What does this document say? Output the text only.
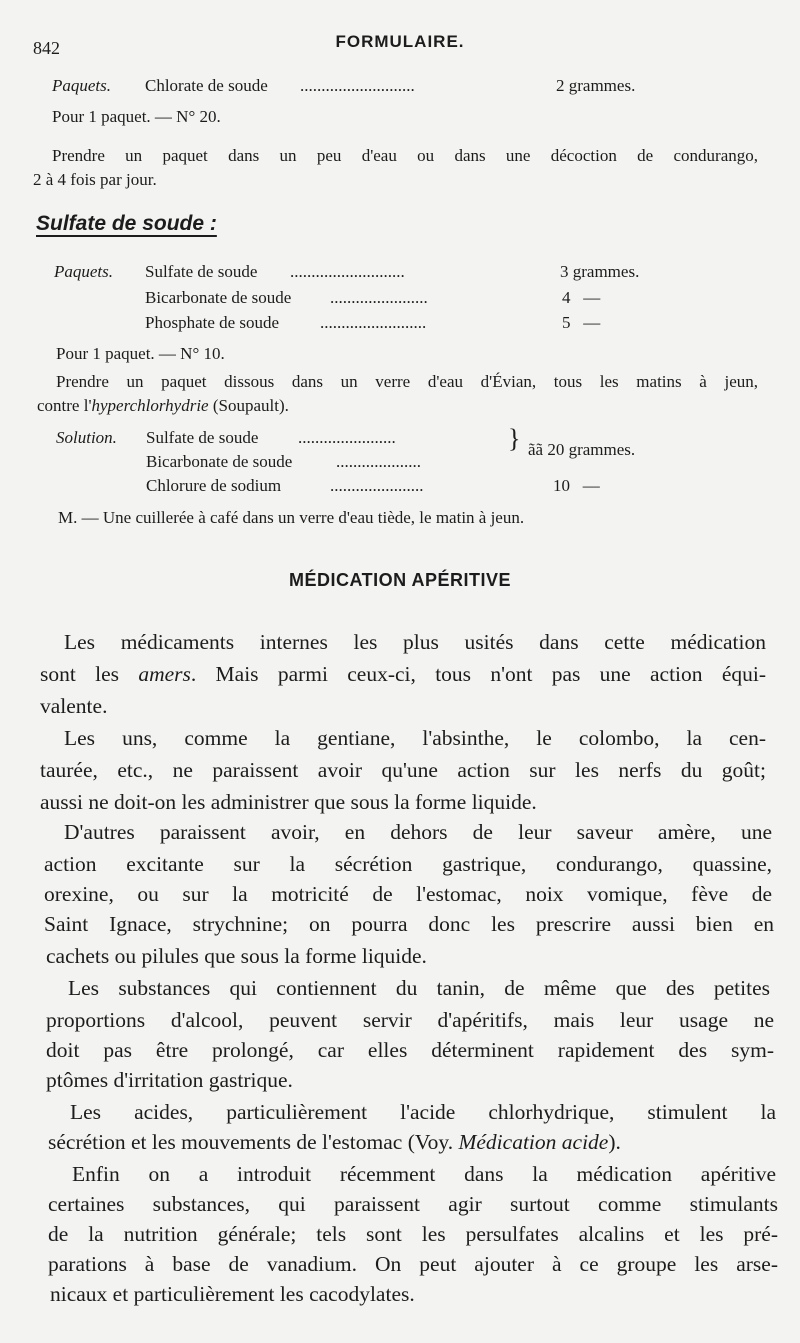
842	FORMULAIRE.
Paquets. Chlorate de soude ...........................	2 grammes.
Pour 1 paquet. — N° 20.
Prendre un paquet dans un peu d'eau ou dans une décoction de condurango,
2 à 4 fois par jour.
Sulfate de soude :
Paquets. Sulfate de soude ...........................	3 grammes.
Bicarbonate de soude .......................	4   —
Phosphate de soude .........................	5   —
Pour 1 paquet. — N° 10.
Prendre un paquet dissous dans un verre d'eau d'Évian, tous les matins à jeun,
contre l'hyperchlorhydrie (Soupault).
Solution. Sulfate de soude .......................
Bicarbonate de soude	....................
} ãã 20 grammes.
Chlorure de sodium	......................	10   —
M. — Une cuillerée à café dans un verre d'eau tiède, le matin à jeun.
MÉDICATION APÉRITIVE
Les médicaments internes les plus usités dans cette médication
sont les amers. Mais parmi ceux-ci, tous n'ont pas une action équi-
valente.
Les uns, comme la gentiane, l'absinthe, le colombo, la cen-
taurée, etc., ne paraissent avoir qu'une action sur les nerfs du goût;
aussi ne doit-on les administrer que sous la forme liquide.
D'autres paraissent avoir, en dehors de leur saveur amère, une
action excitante sur la sécrétion gastrique, condurango, quassine,
orexine, ou sur la motricité de l'estomac, noix vomique, fève de
Saint Ignace, strychnine; on pourra donc les prescrire aussi bien en
cachets ou pilules que sous la forme liquide.
Les substances qui contiennent du tanin, de même que des petites
proportions d'alcool, peuvent servir d'apéritifs, mais leur usage ne
doit pas être prolongé, car elles déterminent rapidement des sym-
ptômes d'irritation gastrique.
Les acides, particulièrement l'acide chlorhydrique, stimulent la
sécrétion et les mouvements de l'estomac (Voy. Médication acide).
Enfin on a introduit récemment dans la médication apéritive
certaines substances, qui paraissent agir surtout comme stimulants
de la nutrition générale; tels sont les persulfates alcalins et les pré-
parations à base de vanadium. On peut ajouter à ce groupe les arse-
nicaux et particulièrement les cacodylates.
